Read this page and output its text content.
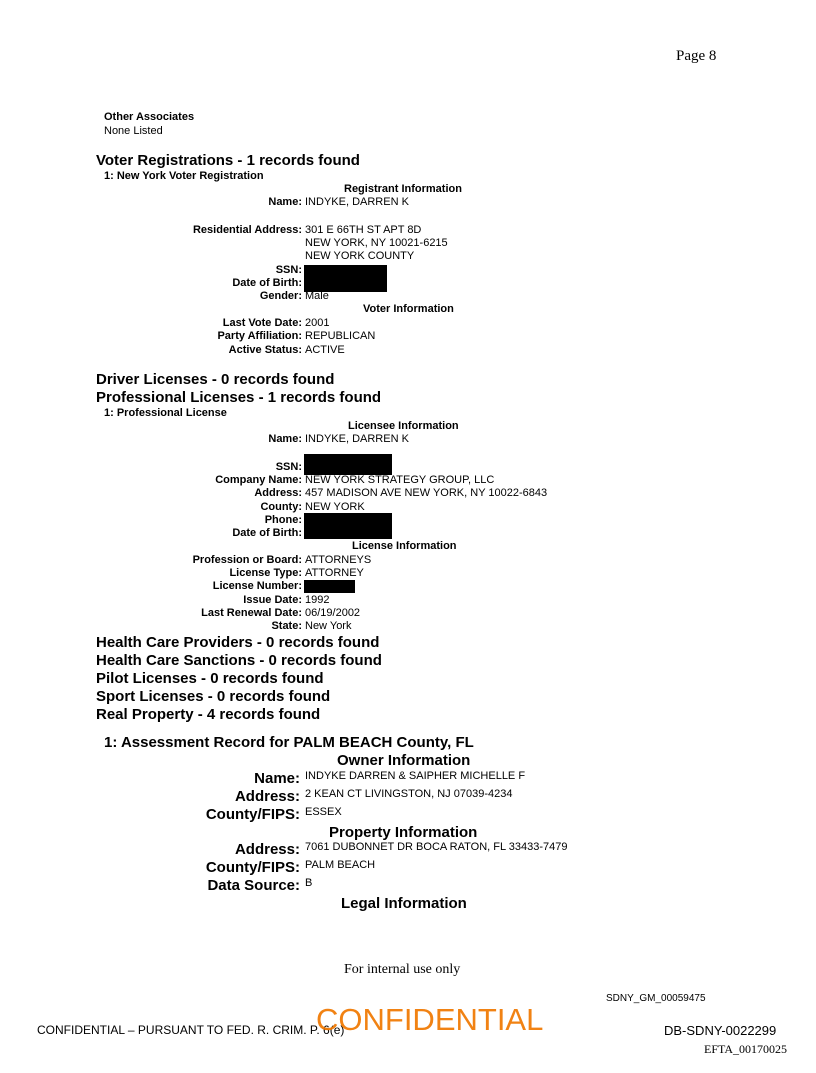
Page 8
Other Associates
None Listed
Voter Registrations - 1 records found
1: New York Voter Registration
Registrant Information
Name: INDYKE, DARREN K
Residential Address: 301 E 66TH ST APT 8D
NEW YORK, NY 10021-6215
NEW YORK COUNTY
SSN:
Date of Birth:
Gender: Male
Voter Information
Last Vote Date: 2001
Party Affiliation: REPUBLICAN
Active Status: ACTIVE
Driver Licenses - 0 records found
Professional Licenses - 1 records found
1: Professional License
Licensee Information
Name: INDYKE, DARREN K
SSN:
Company Name: NEW YORK STRATEGY GROUP, LLC
Address: 457 MADISON AVE NEW YORK, NY 10022-6843
County: NEW YORK
Phone:
Date of Birth:
License Information
Profession or Board: ATTORNEYS
License Type: ATTORNEY
License Number:
Issue Date: 1992
Last Renewal Date: 06/19/2002
State: New York
Health Care Providers - 0 records found
Health Care Sanctions - 0 records found
Pilot Licenses - 0 records found
Sport Licenses - 0 records found
Real Property - 4 records found
1: Assessment Record for PALM BEACH County, FL
Owner Information
Name: INDYKE DARREN & SAIPHER MICHELLE F
Address: 2 KEAN CT LIVINGSTON, NJ 07039-4234
County/FIPS: ESSEX
Property Information
Address: 7061 DUBONNET DR BOCA RATON, FL 33433-7479
County/FIPS: PALM BEACH
Data Source: B
Legal Information
For internal use only
SDNY_GM_00059475
CONFIDENTIAL – PURSUANT TO FED. R. CRIM. P. 6(e)
CONFIDENTIAL	DB-SDNY-0022299
EFTA_00170025
